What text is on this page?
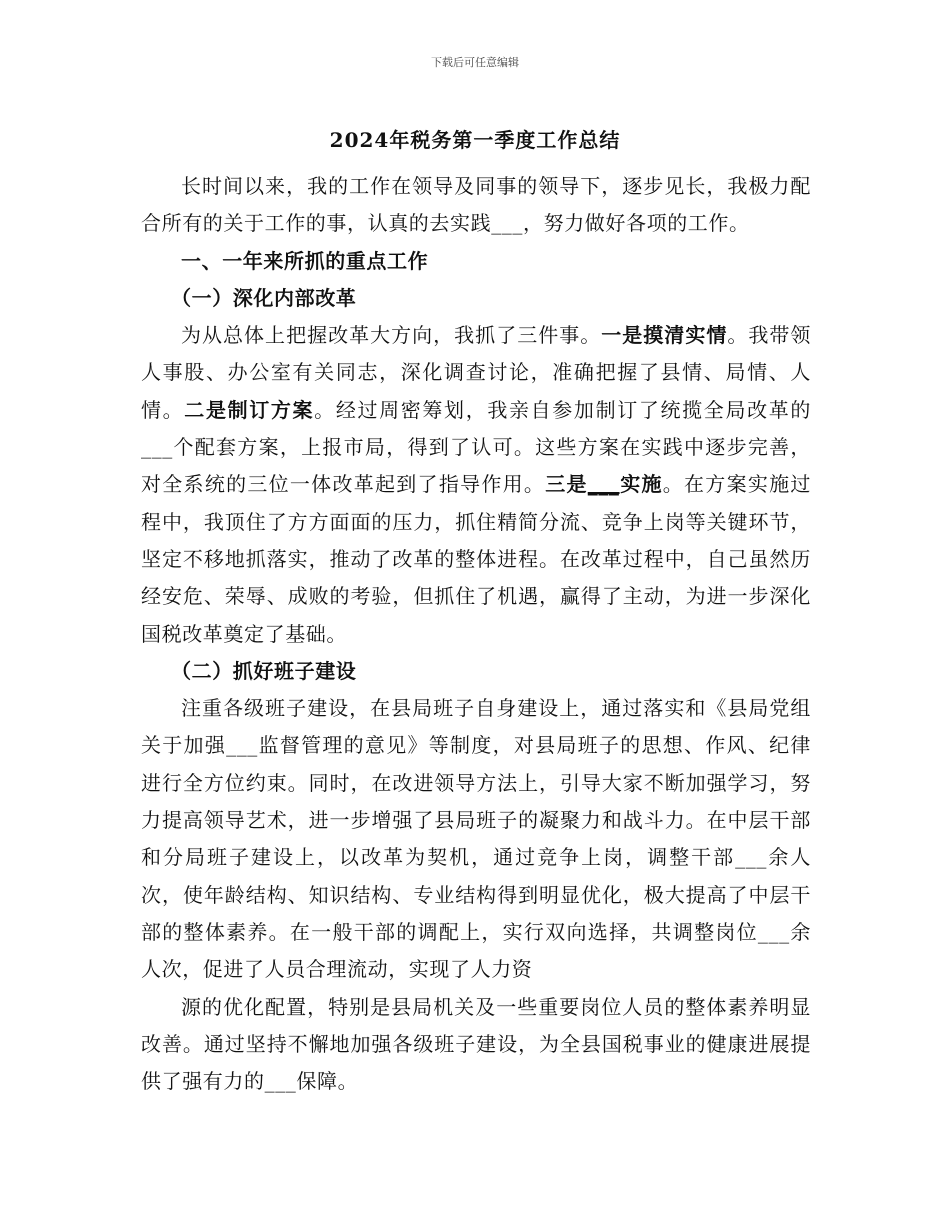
下载后可任意编辑
2024年税务第一季度工作总结

长时间以来，我的工作在领导及同事的领导下，逐步见长，我极力配合所有的关于工作的事，认真的去实践___，努力做好各项的工作。

一、一年来所抓的重点工作

（一）深化内部改革

为从总体上把握改革大方向，我抓了三件事。一是摸清实情。我带领人事股、办公室有关同志，深化调查讨论，准确把握了县情、局情、人情。二是制订方案。经过周密筹划，我亲自参加制订了统揽全局改革的___个配套方案，上报市局，得到了认可。这些方案在实践中逐步完善，对全系统的三位一体改革起到了指导作用。三是___实施。在方案实施过程中，我顶住了方方面面的压力，抓住精简分流、竞争上岗等关键环节，坚定不移地抓落实，推动了改革的整体进程。在改革过程中，自己虽然历经安危、荣辱、成败的考验，但抓住了机遇，赢得了主动，为进一步深化国税改革奠定了基础。

（二）抓好班子建设

注重各级班子建设，在县局班子自身建设上，通过落实和《县局党组关于加强___监督管理的意见》等制度，对县局班子的思想、作风、纪律进行全方位约束。同时，在改进领导方法上，引导大家不断加强学习，努力提高领导艺术，进一步增强了县局班子的凝聚力和战斗力。在中层干部和分局班子建设上，以改革为契机，通过竞争上岗，调整干部___余人次，使年龄结构、知识结构、专业结构得到明显优化，极大提高了中层干部的整体素养。在一般干部的调配上，实行双向选择，共调整岗位___余人次，促进了人员合理流动，实现了人力资

源的优化配置，特别是县局机关及一些重要岗位人员的整体素养明显改善。通过坚持不懈地加强各级班子建设，为全县国税事业的健康进展提供了强有力的___保障。
